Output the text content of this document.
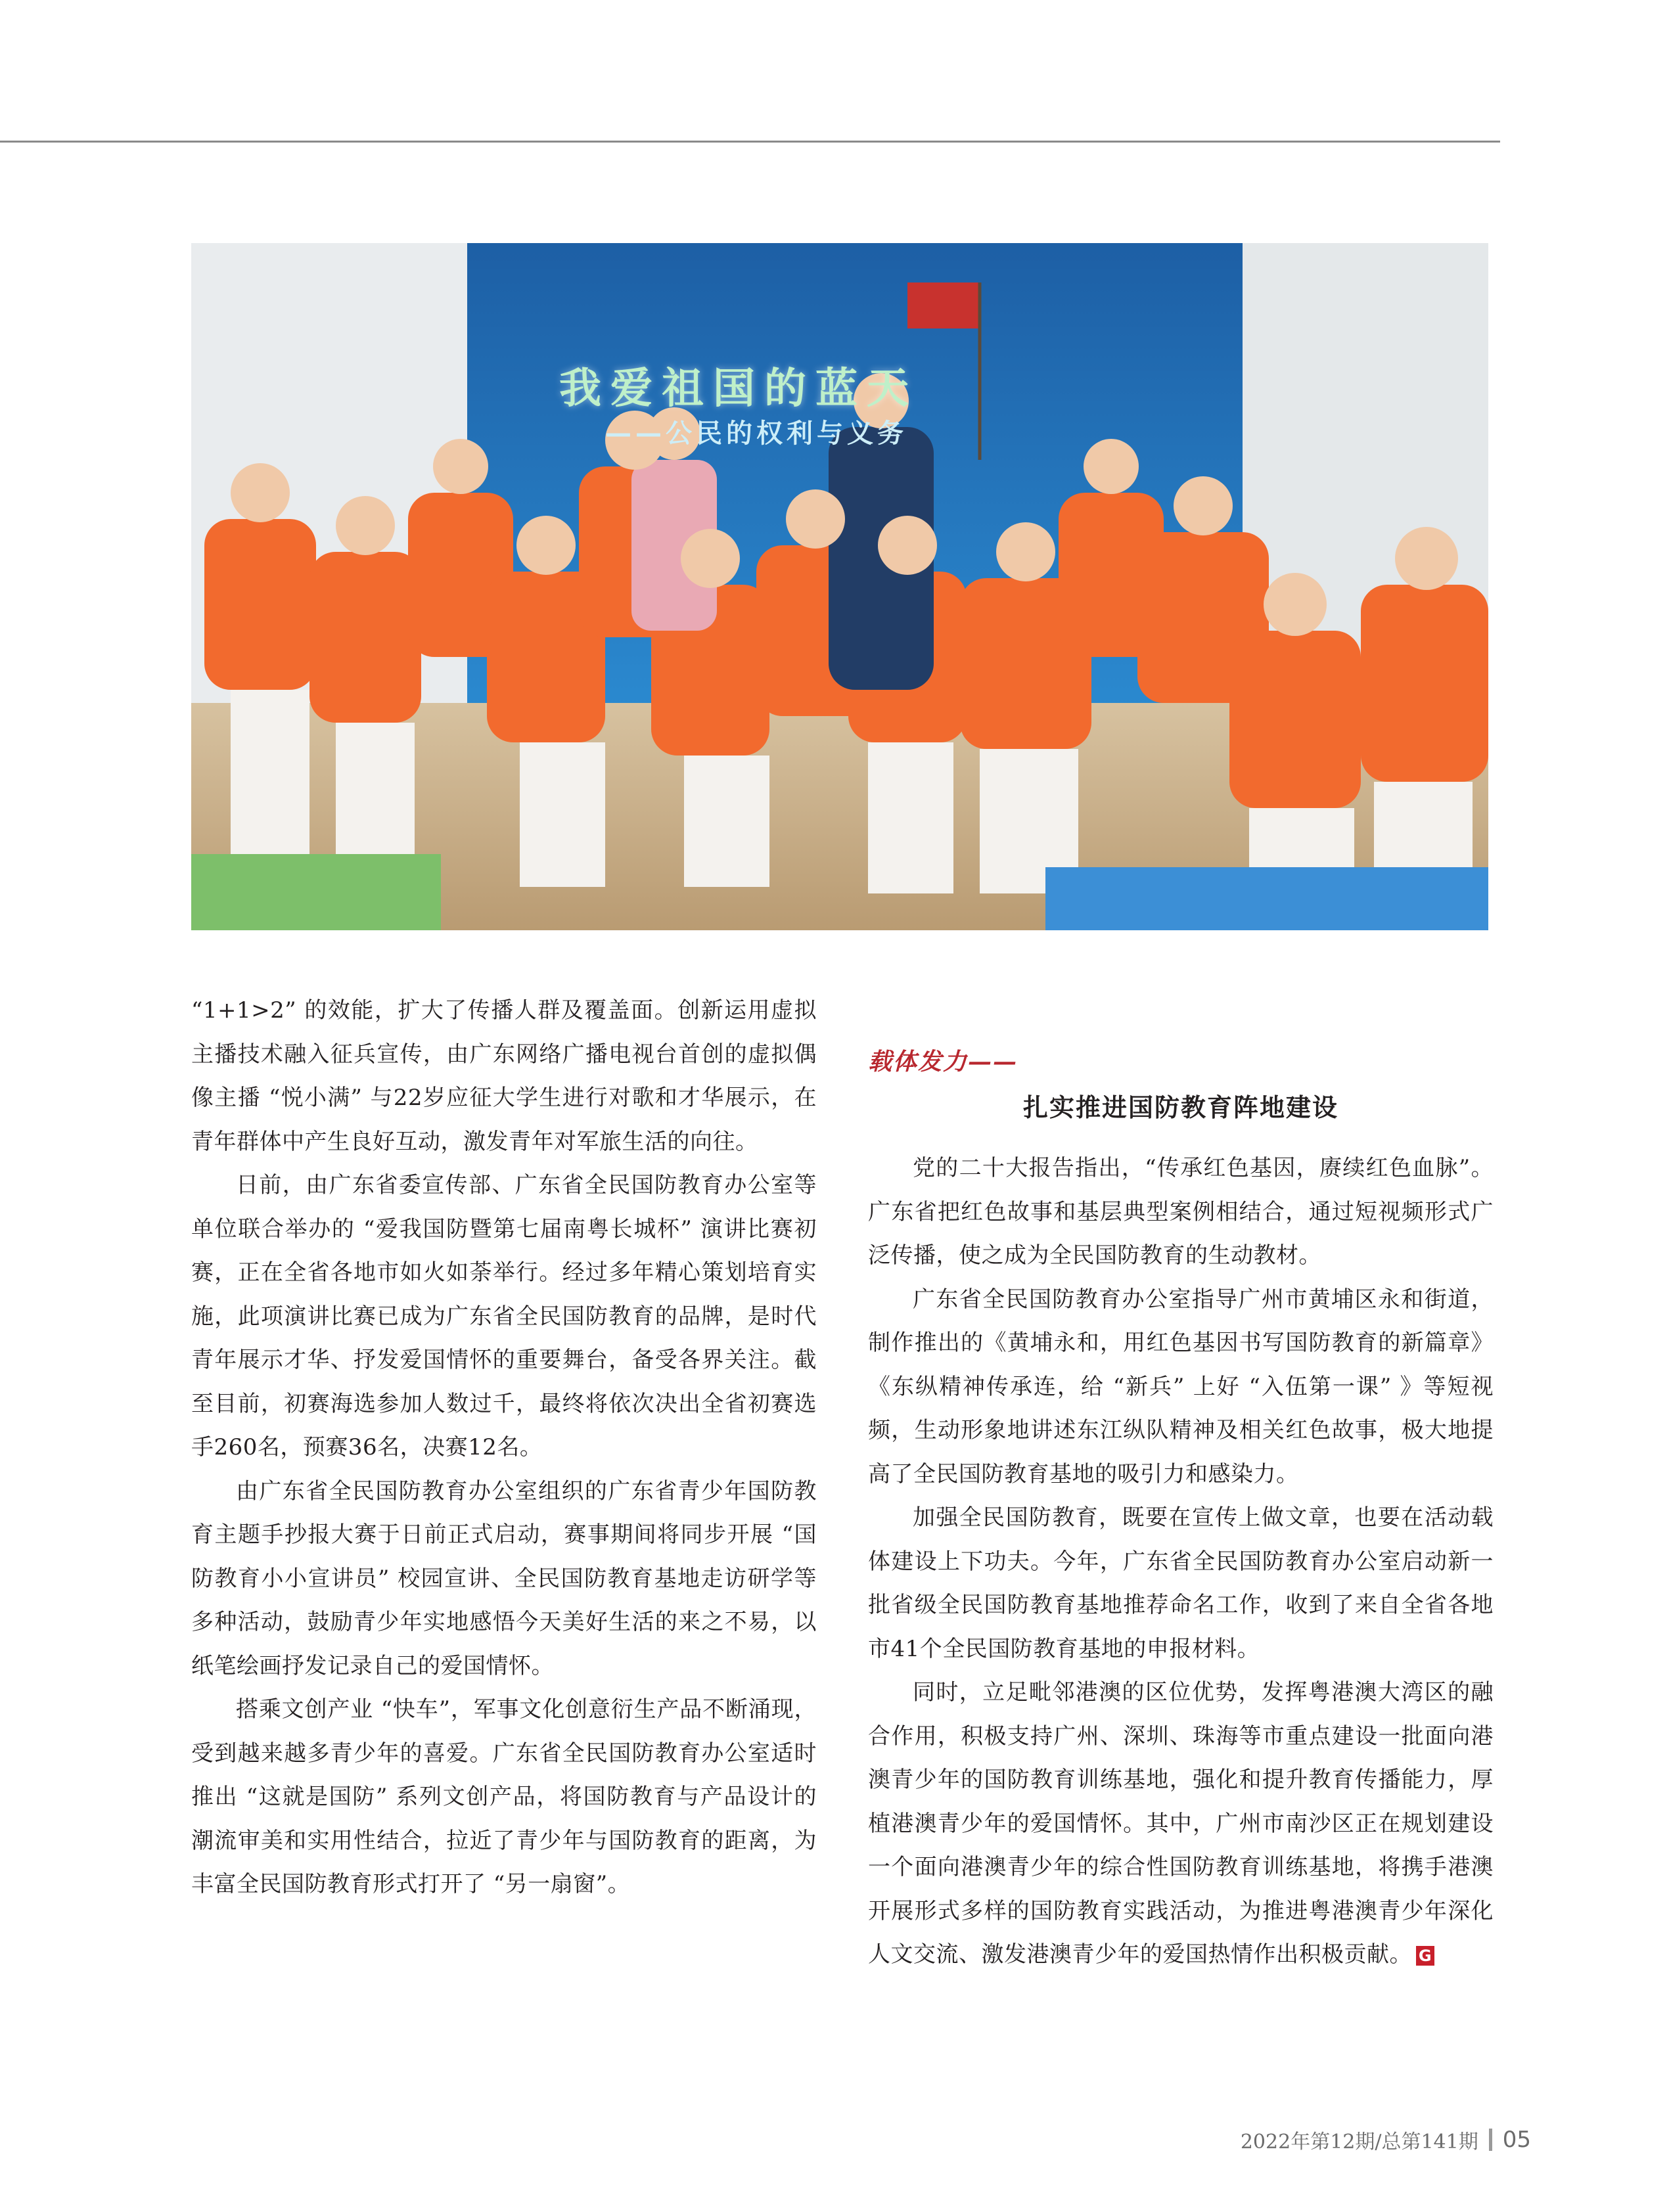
我爱祖国的蓝天
——公民的权利与义务

“1+1>2” 的效能，扩大了传播人群及覆盖面。创新运用虚拟主播技术融入征兵宣传，由广东网络广播电视台首创的虚拟偶像主播 “悦小满” 与22岁应征大学生进行对歌和才华展示，在青年群体中产生良好互动，激发青年对军旅生活的向往。

日前，由广东省委宣传部、广东省全民国防教育办公室等单位联合举办的 “爱我国防暨第七届南粤长城杯” 演讲比赛初赛，正在全省各地市如火如荼举行。经过多年精心策划培育实施，此项演讲比赛已成为广东省全民国防教育的品牌，是时代青年展示才华、抒发爱国情怀的重要舞台，备受各界关注。截至目前，初赛海选参加人数过千，最终将依次决出全省初赛选手260名，预赛36名，决赛12名。

由广东省全民国防教育办公室组织的广东省青少年国防教育主题手抄报大赛于日前正式启动，赛事期间将同步开展 “国防教育小小宣讲员” 校园宣讲、全民国防教育基地走访研学等多种活动，鼓励青少年实地感悟今天美好生活的来之不易，以纸笔绘画抒发记录自己的爱国情怀。

搭乘文创产业 “快车”，军事文化创意衍生产品不断涌现，受到越来越多青少年的喜爱。广东省全民国防教育办公室适时推出 “这就是国防” 系列文创产品，将国防教育与产品设计的潮流审美和实用性结合，拉近了青少年与国防教育的距离，为丰富全民国防教育形式打开了 “另一扇窗”。

载体发力——
扎实推进国防教育阵地建设

党的二十大报告指出，“传承红色基因，赓续红色血脉”。广东省把红色故事和基层典型案例相结合，通过短视频形式广泛传播，使之成为全民国防教育的生动教材。

广东省全民国防教育办公室指导广州市黄埔区永和街道，制作推出的《黄埔永和，用红色基因书写国防教育的新篇章》《东纵精神传承连，给 “新兵” 上好 “入伍第一课” 》等短视频，生动形象地讲述东江纵队精神及相关红色故事，极大地提高了全民国防教育基地的吸引力和感染力。

加强全民国防教育，既要在宣传上做文章，也要在活动载体建设上下功夫。今年，广东省全民国防教育办公室启动新一批省级全民国防教育基地推荐命名工作，收到了来自全省各地市41个全民国防教育基地的申报材料。

同时，立足毗邻港澳的区位优势，发挥粤港澳大湾区的融合作用，积极支持广州、深圳、珠海等市重点建设一批面向港澳青少年的国防教育训练基地，强化和提升教育传播能力，厚植港澳青少年的爱国情怀。其中，广州市南沙区正在规划建设一个面向港澳青少年的综合性国防教育训练基地，将携手港澳开展形式多样的国防教育实践活动，为推进粤港澳青少年深化人文交流、激发港澳青少年的爱国热情作出积极贡献。 G

2022年第12期/总第141期 05
